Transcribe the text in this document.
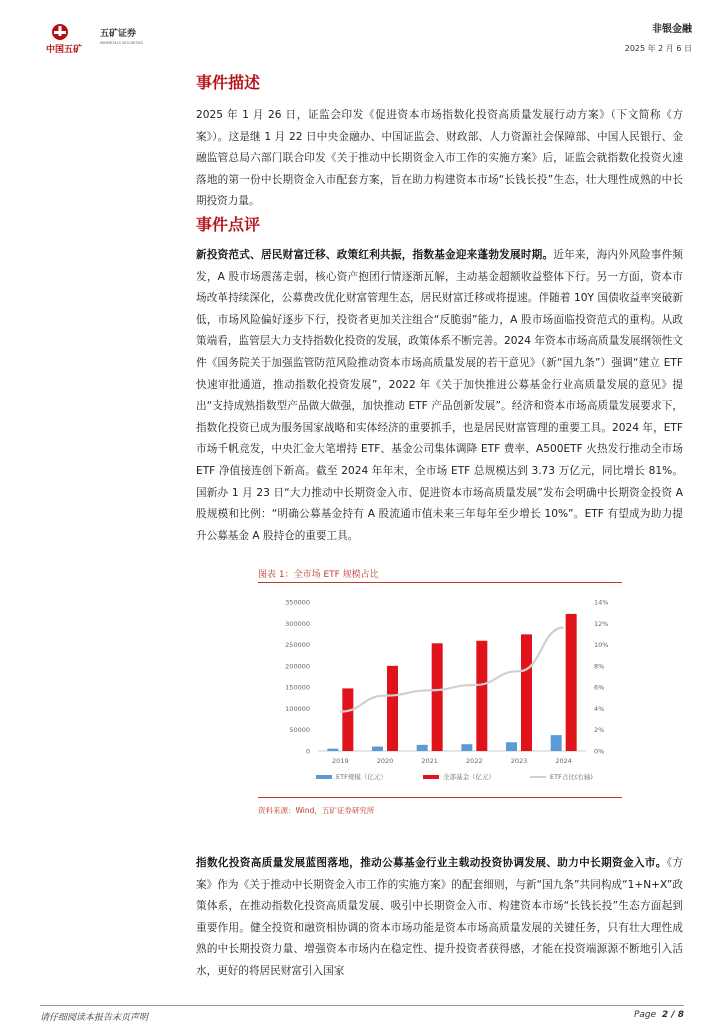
中国五矿
五矿证券
MINMETALS SECURITIES
非银金融
2025 年 2 月 6 日
事件描述
2025 年 1 月 26 日，证监会印发《促进资本市场指数化投资高质量发展行动方案》（下文简称《方案》）。这是继 1 月 22 日中央金融办、中国证监会、财政部、人力资源社会保障部、中国人民银行、金融监管总局六部门联合印发《关于推动中长期资金入市工作的实施方案》后，证监会就指数化投资火速落地的第一份中长期资金入市配套方案，旨在助力构建资本市场“长钱长投”生态，壮大理性成熟的中长期投资力量。
事件点评
新投资范式、居民财富迁移、政策红利共振，指数基金迎来蓬勃发展时期。近年来，海内外风险事件频发，A 股市场震荡走弱，核心资产抱团行情逐渐瓦解，主动基金超额收益整体下行。另一方面，资本市场改革持续深化，公募费改优化财富管理生态，居民财富迁移或将提速。伴随着 10Y 国债收益率突破新低，市场风险偏好逐步下行，投资者更加关注组合“反脆弱”能力，A 股市场面临投资范式的重构。从政策端看，监管层大力支持指数化投资的发展，政策体系不断完善。2024 年资本市场高质量发展纲领性文件《国务院关于加强监管防范风险推动资本市场高质量发展的若干意见》（新“国九条”）强调“建立 ETF 快速审批通道，推动指数化投资发展”，2022 年《关于加快推进公募基金行业高质量发展的意见》提出“支持成熟指数型产品做大做强，加快推动 ETF 产品创新发展”。经济和资本市场高质量发展要求下，指数化投资已成为服务国家战略和实体经济的重要抓手，也是居民财富管理的重要工具。2024 年，ETF 市场千帆竞发，中央汇金大笔增持 ETF、基金公司集体调降 ETF 费率、A500ETF 火热发行推动全市场 ETF 净值接连创下新高。截至 2024 年年末，全市场 ETF 总规模达到 3.73 万亿元，同比增长 81%。国新办 1 月 23 日“大力推动中长期资金入市、促进资本市场高质量发展”发布会明确中长期资金投资 A 股规模和比例：“明确公募基金持有 A 股流通市值未来三年每年至少增长 10%”。ETF 有望成为助力提升公募基金 A 股持仓的重要工具。
图表 1：全市场 ETF 规模占比
0
50000
100000
150000
200000
250000
300000
350000
0%
2%
4%
6%
8%
10%
12%
14%
2019	2020	2021	2022	2023	2024
ETF规模（亿元）	全部基金（亿元）	ETF占比(右轴)
资料来源：Wind，五矿证券研究所
指数化投资高质量发展蓝图落地，推动公募基金行业主载动投资协调发展、助力中长期资金入市。《方案》作为《关于推动中长期资金入市工作的实施方案》的配套细则，与新“国九条”共同构成“1+N+X”政策体系，在推动指数化投资高质量发展、吸引中长期资金入市、构建资本市场“长钱长投”生态方面起到重要作用。健全投资和融资相协调的资本市场功能是资本市场高质量发展的关键任务，只有壮大理性成熟的中长期投资力量、增强资本市场内在稳定性、提升投资者获得感，才能在投资端源源不断地引入活水，更好的将居民财富引入国家
请仔细阅读本报告末页声明	Page 2 / 8
